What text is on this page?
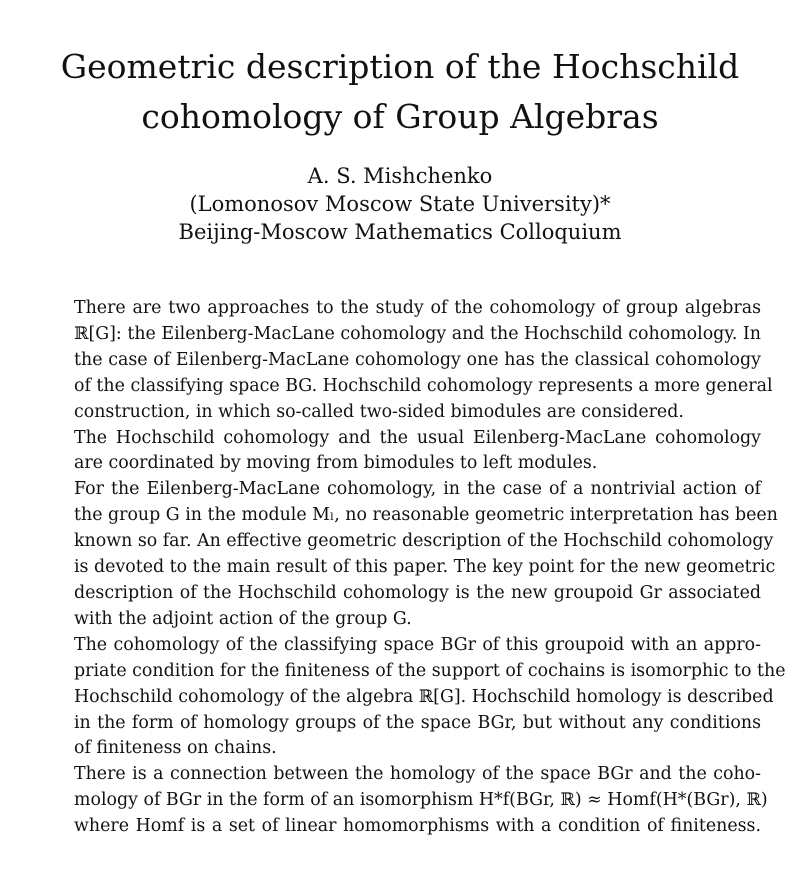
Geometric description of the Hochschild
cohomology of Group Algebras
A. S. Mishchenko
(Lomonosov Moscow State University)*
Beijing-Moscow Mathematics Colloquium
There are two approaches to the study of the cohomology of group algebras
ℝ[G]: the Eilenberg-MacLane cohomology and the Hochschild cohomology. In
the case of Eilenberg-MacLane cohomology one has the classical cohomology
of the classifying space BG. Hochschild cohomology represents a more general
construction, in which so-called two-sided bimodules are considered.
The Hochschild cohomology and the usual Eilenberg-MacLane cohomology
are coordinated by moving from bimodules to left modules.
For the Eilenberg-MacLane cohomology, in the case of a nontrivial action of
the group G in the module Mₗ, no reasonable geometric interpretation has been
known so far. An effective geometric description of the Hochschild cohomology
is devoted to the main result of this paper. The key point for the new geometric
description of the Hochschild cohomology is the new groupoid Gr associated
with the adjoint action of the group G.
The cohomology of the classifying space BGr of this groupoid with an appro-
priate condition for the finiteness of the support of cochains is isomorphic to the
Hochschild cohomology of the algebra ℝ[G]. Hochschild homology is described
in the form of homology groups of the space BGr, but without any conditions
of finiteness on chains.
There is a connection between the homology of the space BGr and the coho-
mology of BGr in the form of an isomorphism H*f(BGr, ℝ) ≈ Homf(H*(BGr), ℝ)
where Homf is a set of linear homomorphisms with a condition of finiteness.
